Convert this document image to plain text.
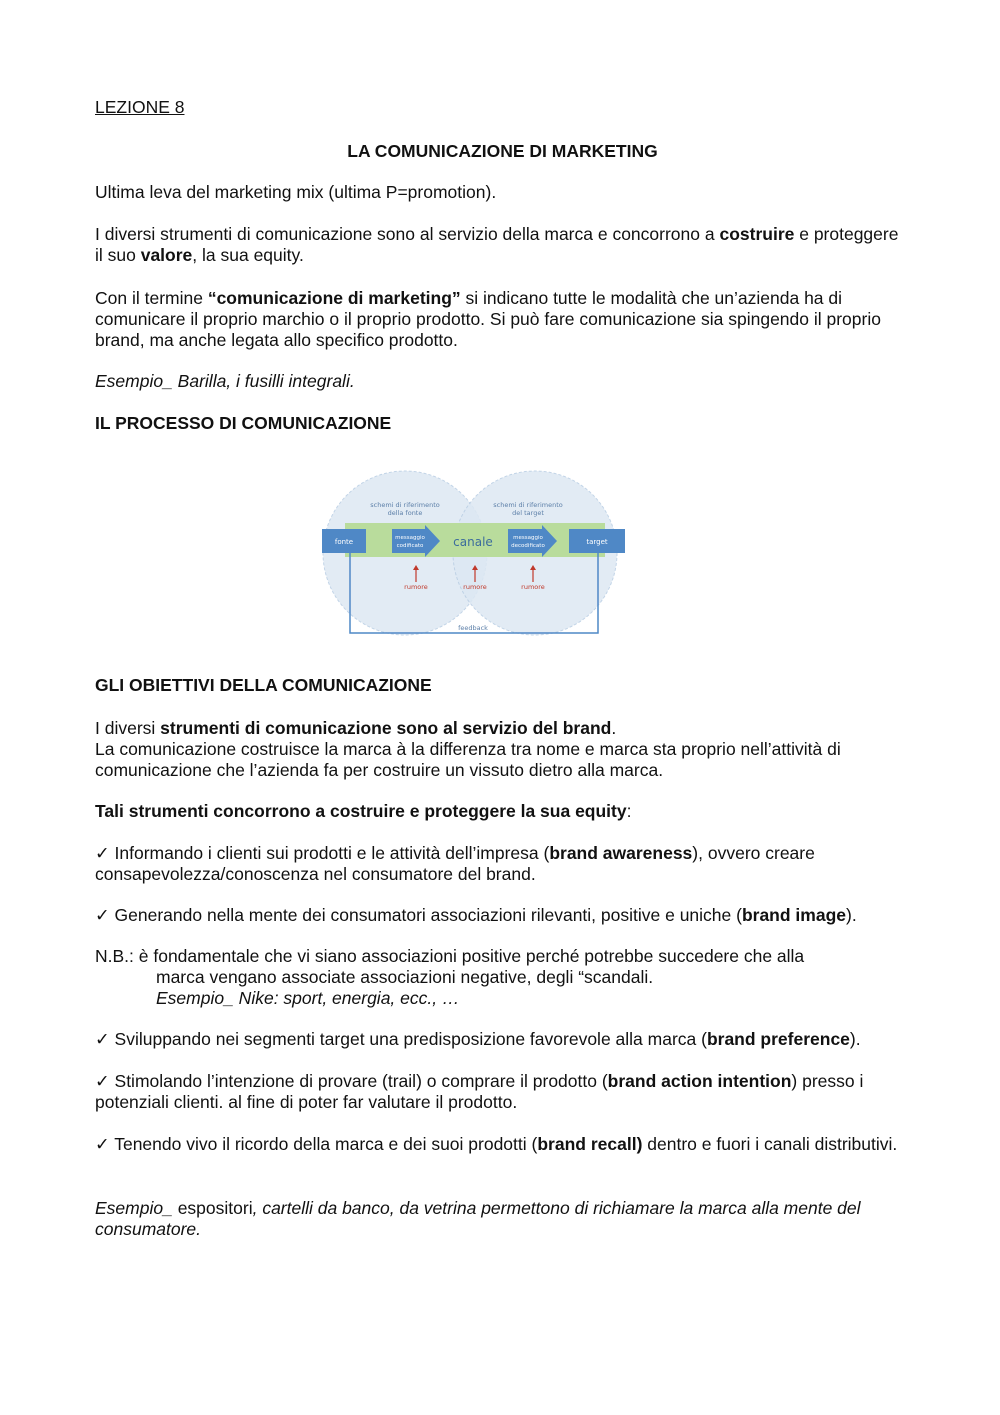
LEZIONE 8

LA COMUNICAZIONE DI MARKETING

Ultima leva del marketing mix (ultima P=promotion).

I diversi strumenti di comunicazione sono al servizio della marca e concorrono a costruire e proteggere il suo valore, la sua equity.

Con il termine “comunicazione di marketing” si indicano tutte le modalità che un’azienda ha di comunicare il proprio marchio o il proprio prodotto. Si può fare comunicazione sia spingendo il proprio brand, ma anche legata allo specifico prodotto.

Esempio_ Barilla, i fusilli integrali.

IL PROCESSO DI COMUNICAZIONE

schemi di riferimento
della fonte
schemi di riferimento
del target
fonte	messaggio
codificato canale	messaggio
decodificato	target
rumore	rumore	rumore
feedback

GLI OBIETTIVI DELLA COMUNICAZIONE

I diversi strumenti di comunicazione sono al servizio del brand.
La comunicazione costruisce la marca à la differenza tra nome e marca sta proprio nell’attività di comunicazione che l’azienda fa per costruire un vissuto dietro alla marca.

Tali strumenti concorrono a costruire e proteggere la sua equity:

✓ Informando i clienti sui prodotti e le attività dell’impresa (brand awareness), ovvero creare consapevolezza/conoscenza nel consumatore del brand.

✓ Generando nella mente dei consumatori associazioni rilevanti, positive e uniche (brand image).

N.B.: è fondamentale che vi siano associazioni positive perché potrebbe succedere che alla
marca vengano associate associazioni negative, degli “scandali.
Esempio_ Nike: sport, energia, ecc., …

✓ Sviluppando nei segmenti target una predisposizione favorevole alla marca (brand preference).

✓ Stimolando l’intenzione di provare (trail) o comprare il prodotto (brand action intention) presso i potenziali clienti. al fine di poter far valutare il prodotto.

✓ Tenendo vivo il ricordo della marca e dei suoi prodotti (brand recall) dentro e fuori i canali distributivi.

Esempio_ espositori, cartelli da banco, da vetrina permettono di richiamare la marca alla mente del consumatore.
